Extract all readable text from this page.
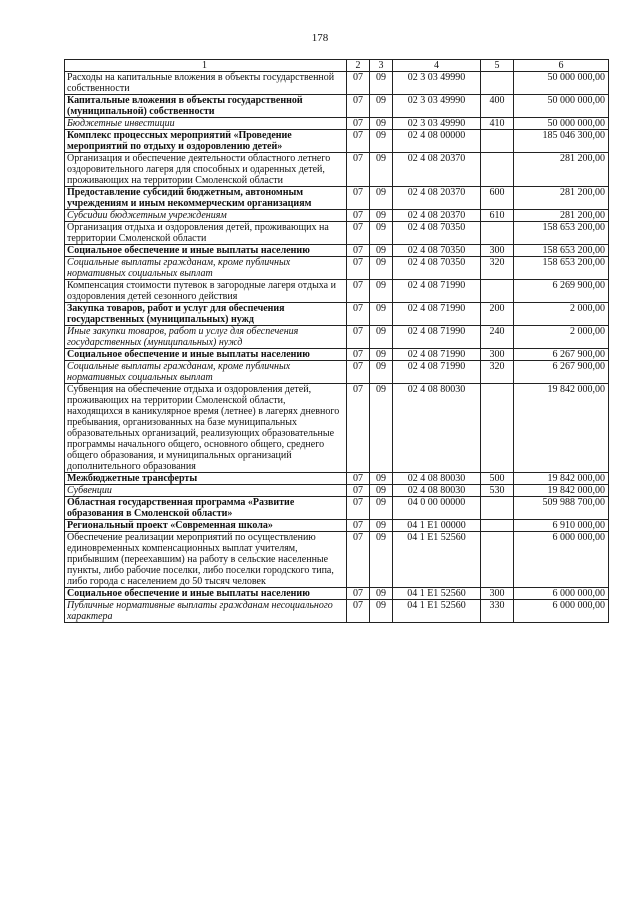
178
1	2	3	4	5	6
Расходы на капитальные вложения в объекты государственной собственности	07	09	02 3 03 49990		50 000 000,00
Капитальные вложения в объекты государственной (муниципальной) собственности	07	09	02 3 03 49990	400	50 000 000,00
Бюджетные инвестиции	07	09	02 3 03 49990	410	50 000 000,00
Комплекс процессных мероприятий «Проведение мероприятий по отдыху и оздоровлению детей»	07	09	02 4 08 00000		185 046 300,00
Организация и обеспечение деятельности областного летнего оздоровительного лагеря для способных и одаренных детей, проживающих на территории Смоленской области	07	09	02 4 08 20370		281 200,00
Предоставление субсидий бюджетным, автономным учреждениям и иным некоммерческим организациям	07	09	02 4 08 20370	600	281 200,00
Субсидии бюджетным учреждениям	07	09	02 4 08 20370	610	281 200,00
Организация отдыха и оздоровления детей, проживающих на территории Смоленской области	07	09	02 4 08 70350		158 653 200,00
Социальное обеспечение и иные выплаты населению	07	09	02 4 08 70350	300	158 653 200,00
Социальные выплаты гражданам, кроме публичных нормативных социальных выплат	07	09	02 4 08 70350	320	158 653 200,00
Компенсация стоимости путевок в загородные лагеря отдыха и оздоровления детей сезонного действия	07	09	02 4 08 71990		6 269 900,00
Закупка товаров, работ и услуг для обеспечения государственных (муниципальных) нужд	07	09	02 4 08 71990	200	2 000,00
Иные закупки товаров, работ и услуг для обеспечения государственных (муниципальных) нужд	07	09	02 4 08 71990	240	2 000,00
Социальное обеспечение и иные выплаты населению	07	09	02 4 08 71990	300	6 267 900,00
Социальные выплаты гражданам, кроме публичных нормативных социальных выплат	07	09	02 4 08 71990	320	6 267 900,00
Субвенция на обеспечение отдыха и оздоровления детей, проживающих на территории Смоленской области, находящихся в каникулярное время (летнее) в лагерях дневного пребывания, организованных на базе муниципальных образовательных организаций, реализующих образовательные программы начального общего, основного общего, среднего общего образования, и муниципальных организаций дополнительного образования	07	09	02 4 08 80030		19 842 000,00
Межбюджетные трансферты	07	09	02 4 08 80030	500	19 842 000,00
Субвенции	07	09	02 4 08 80030	530	19 842 000,00
Областная государственная программа «Развитие образования в Смоленской области»	07	09	04 0 00 00000		509 988 700,00
Региональный проект «Современная школа»	07	09	04 1 E1 00000		6 910 000,00
Обеспечение реализации мероприятий по осуществлению единовременных компенсационных выплат учителям, прибывшим (переехавшим) на работу в сельские населенные пункты, либо рабочие поселки, либо поселки городского типа, либо города с населением до 50 тысяч человек	07	09	04 1 E1 52560		6 000 000,00
Социальное обеспечение и иные выплаты населению	07	09	04 1 E1 52560	300	6 000 000,00
Публичные нормативные выплаты гражданам несоциального характера	07	09	04 1 E1 52560	330	6 000 000,00
